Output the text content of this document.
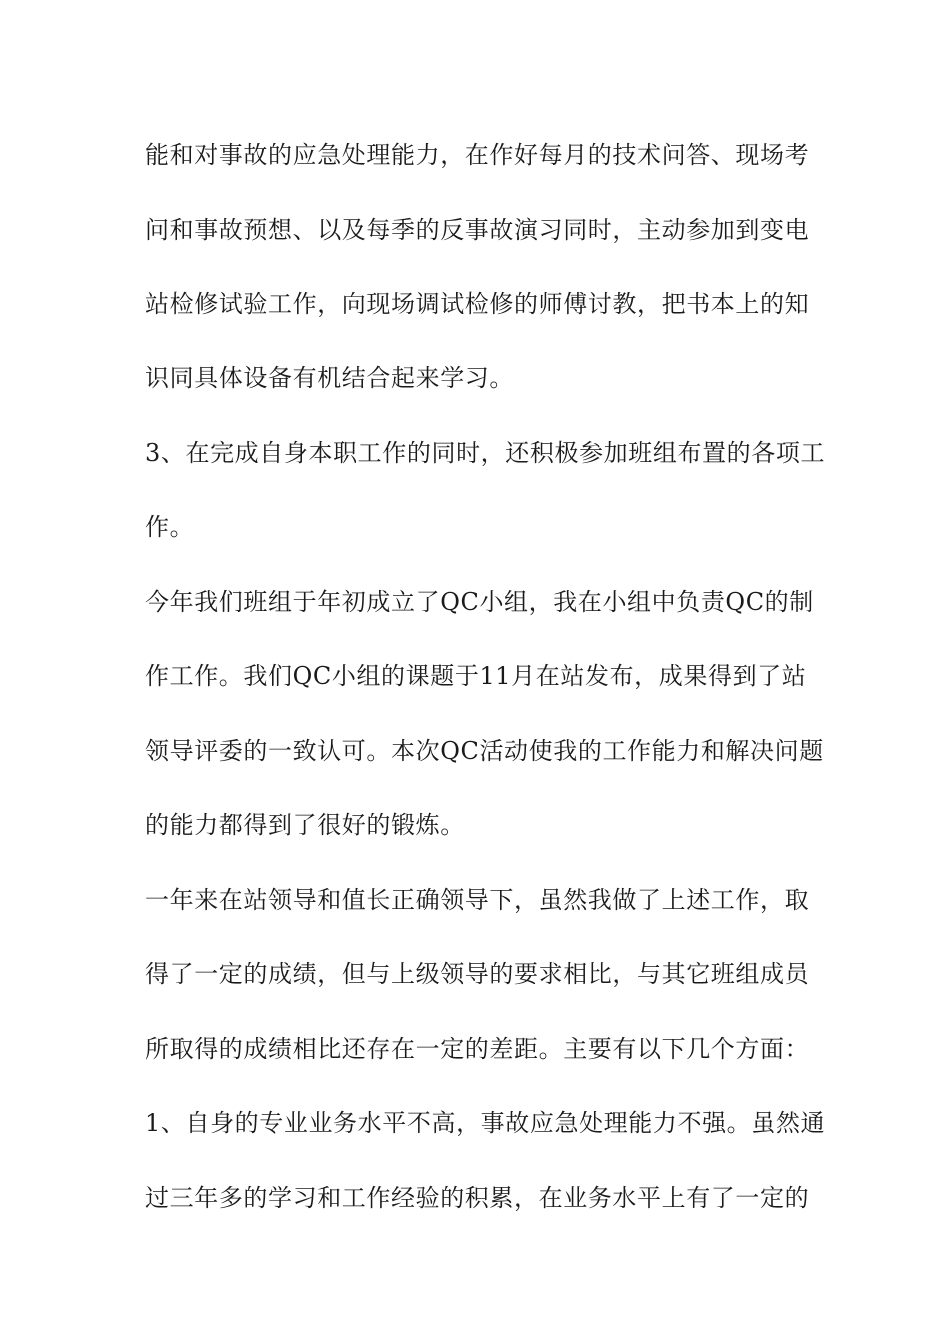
能和对事故的应急处理能力，在作好每月的技术问答、现场考
问和事故预想、以及每季的反事故演习同时，主动参加到变电
站检修试验工作，向现场调试检修的师傅讨教，把书本上的知
识同具体设备有机结合起来学习。
3、在完成自身本职工作的同时，还积极参加班组布置的各项工
作。
今年我们班组于年初成立了QC小组，我在小组中负责QC的制
作工作。我们QC小组的课题于11月在站发布，成果得到了站
领导评委的一致认可。本次QC活动使我的工作能力和解决问题
的能力都得到了很好的锻炼。
一年来在站领导和值长正确领导下，虽然我做了上述工作，取
得了一定的成绩，但与上级领导的要求相比，与其它班组成员
所取得的成绩相比还存在一定的差距。主要有以下几个方面：
1、自身的专业业务水平不高，事故应急处理能力不强。虽然通
过三年多的学习和工作经验的积累，在业务水平上有了一定的
